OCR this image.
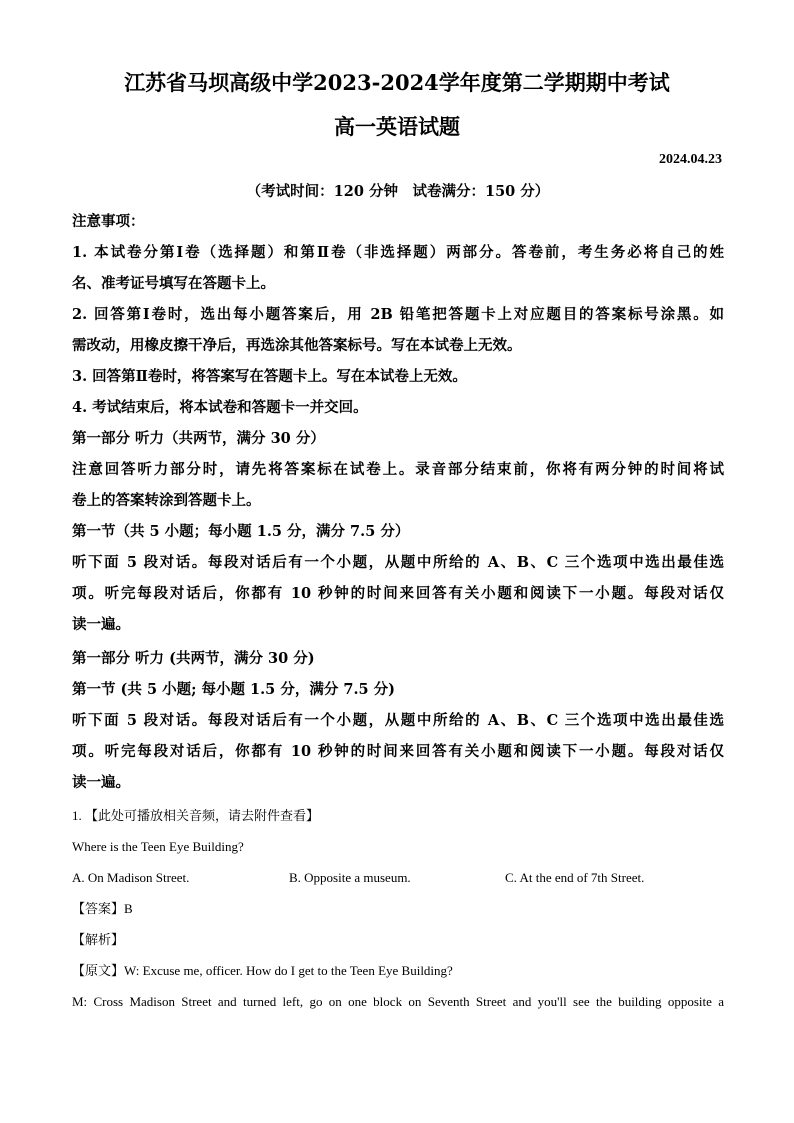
江苏省马坝高级中学2023-2024学年度第二学期期中考试
高一英语试题
2024.04.23
（考试时间：120 分钟　试卷满分：150 分）
注意事项：
1. 本试卷分第Ⅰ卷（选择题）和第Ⅱ卷（非选择题）两部分。答卷前，考生务必将自己的姓
名、准考证号填写在答题卡上。
2. 回答第Ⅰ卷时，选出每小题答案后，用 2B 铅笔把答题卡上对应题目的答案标号涂黑。如
需改动，用橡皮擦干净后，再选涂其他答案标号。写在本试卷上无效。
3. 回答第Ⅱ卷时，将答案写在答题卡上。写在本试卷上无效。
4. 考试结束后，将本试卷和答题卡一并交回。
第一部分 听力（共两节，满分 30 分）
注意回答听力部分时，请先将答案标在试卷上。录音部分结束前，你将有两分钟的时间将试
卷上的答案转涂到答题卡上。
第一节（共 5 小题；每小题 1.5 分，满分 7.5 分）
听下面 5 段对话。每段对话后有一个小题，从题中所给的 A、B、C 三个选项中选出最佳选
项。听完每段对话后，你都有 10 秒钟的时间来回答有关小题和阅读下一小题。每段对话仅
读一遍。
第一部分 听力 (共两节，满分 30 分)
第一节 (共 5 小题; 每小题 1.5 分，满分 7.5 分)
听下面 5 段对话。每段对话后有一个小题，从题中所给的 A、B、C 三个选项中选出最佳选
项。听完每段对话后，你都有 10 秒钟的时间来回答有关小题和阅读下一小题。每段对话仅
读一遍。
1. 【此处可播放相关音频，请去附件查看】
Where is the Teen Eye Building?
A. On Madison Street.	B. Opposite a museum.	C. At the end of 7th Street.
【答案】B
【解析】
【原文】W: Excuse me, officer. How do I get to the Teen Eye Building?
M: Cross Madison Street and turned left, go on one block on Seventh Street and you'll see the building opposite a
